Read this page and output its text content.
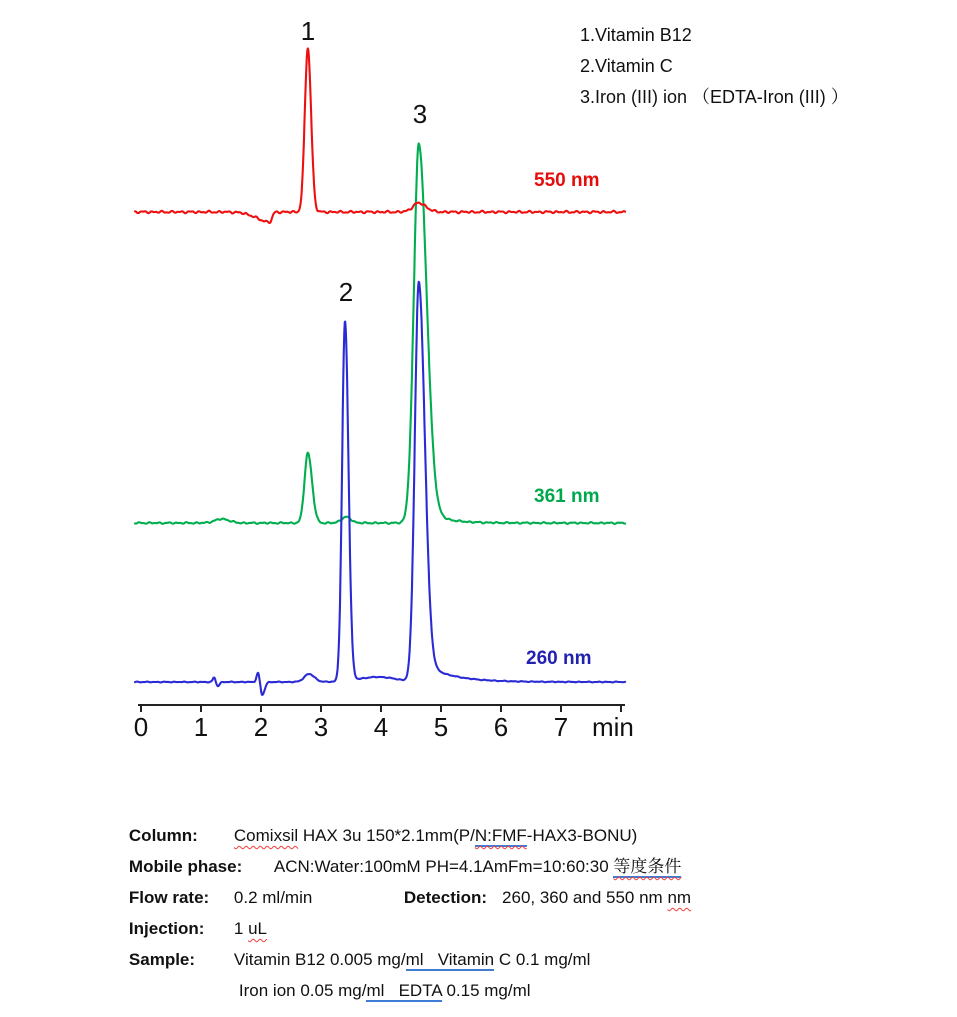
0	1	2	3	4	5	6	7 min
550 nm
361 nm
260 nm
1
2
3
1.Vitamin B12
2.Vitamin C
3.Iron (III) ion （EDTA-Iron (III) ）

Column: Comixsil HAX 3u 150*2.1mm(P/N:FMF-HAX3-BONU)

Mobile phase: ACN:Water:100mM PH=4.1AmFm=10:60:30 等度条件

Flow rate: 0.2 ml/min	Detection: 260, 360 and 550 nm nm

Injection: 1 uL

Sample: Vitamin B12 0.005 mg/ml   Vitamin C 0.1 mg/ml

Iron ion 0.05 mg/ml   EDTA 0.15 mg/ml
